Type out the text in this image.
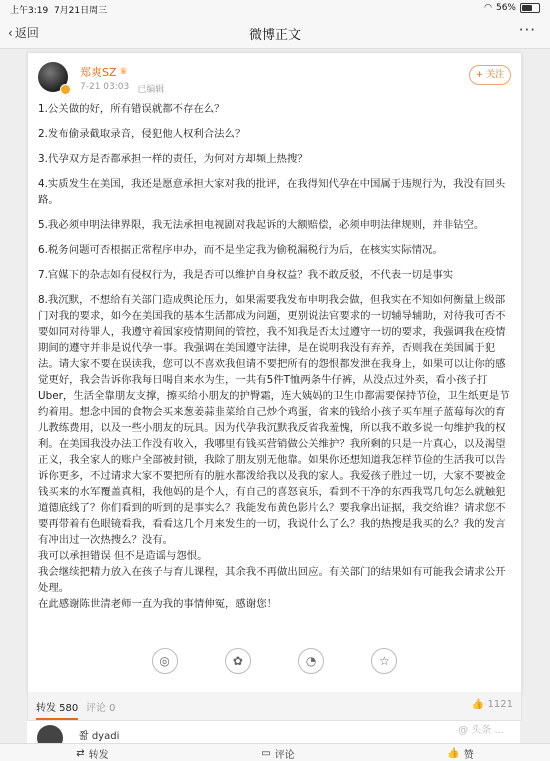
上午3:19 7月21日周三	◠ 56%
‹ 返回	微博正文	···
郑爽SZ ♛
7-21 03:03 已编辑
+ 关注

1.公关做的好，所有错误就都不存在么？

2.发布偷录截取录音，侵犯他人权利合法么？

3.代孕双方是否都承担一样的责任，为何对方却频上热搜？

4.实质发生在美国，我还是愿意承担大家对我的批评，在我得知代孕在中国属于违规行为，我没有回头路。

5.我必须申明法律界限，我无法承担电视剧对我起诉的大额赔偿，必须申明法律规则，并非钻空。

6.税务问题可否根据正常程序申办，而不是坐定我为偷税漏税行为后，在核实实际情况。

7.官媒下的杂志如有侵权行为，我是否可以维护自身权益？我不敢反驳，不代表一切是事实

8.我沉默，不想给有关部门造成舆论压力，如果需要我发布申明我会做，但我实在不知如何衡量上级部门对我的要求，如今在美国我的基本生活都成为问题，更别说法官要求的一切辅导辅助，对待我可否不要如同对待罪人，我遵守着国家疫情期间的管控，我不知我是否太过遵守一切的要求，我强调我在疫情期间的遵守并非是说代孕一事。我强调在美国遵守法律，是在说明我没有弃养，否则我在美国属于犯法。请大家不要在误读我，您可以不喜欢我但请不要把所有的怨恨都发泄在我身上，如果可以让你的感觉更好，我会告诉你我每日喝自来水为生，一共有5件T恤两条牛仔裤，从没点过外卖，看小孩子打Uber，生活全靠朋友支撑，擦买给小朋友的护臀霜，连大姨妈的卫生巾都需要保持节俭，卫生纸更是节约着用。想念中国的食物会买来葱姜蒜韭菜给自己炒个鸡蛋，省来的钱给小孩子买车厘子蓝莓每次的育儿教练费用，以及一些小朋友的玩具。因为代孕我沉默我反省我羞愧，所以我不敢多说一句维护我的权利。在美国我没办法工作没有收入，我哪里有钱买营销做公关维护？我所剩的只是一片真心，以及渴望正义，我全家人的账户全部被封锁，我除了朋友别无他靠。如果你还想知道我怎样节俭的生活我可以告诉你更多，不过请求大家不要把所有的脏水都泼给我以及我的家人。我爱孩子胜过一切，大家不要被金钱买来的水军覆盖真相，我他妈的是个人，有自己的喜怒哀乐，看到不干净的东西我骂几句怎么就触犯道德底线了？你们看到的听到的是事实么？我能发布黄色影片么？要我拿出证据，我交给谁？请求您不要再带着有色眼镜看我，看看这几个月来发生的一切，我说什么了么？我的热搜是我买的么？我的发言有冲出过一次热搜么？没有。

我可以承担错误 但不是造谣与怨恨。

我会继续把精力放入在孩子与育儿课程，其余我不再做出回应。有关部门的结果如有可能我会请求公开处理。

在此感谢陈世清老师一直为我的事情伸冤，感谢您！

◎	✿	◔	☆
转发 580 评论 0	👍 1121
쫢 dyadi
@ 头条 ...
⇄ 转发	▭ 评论	👍 赞
